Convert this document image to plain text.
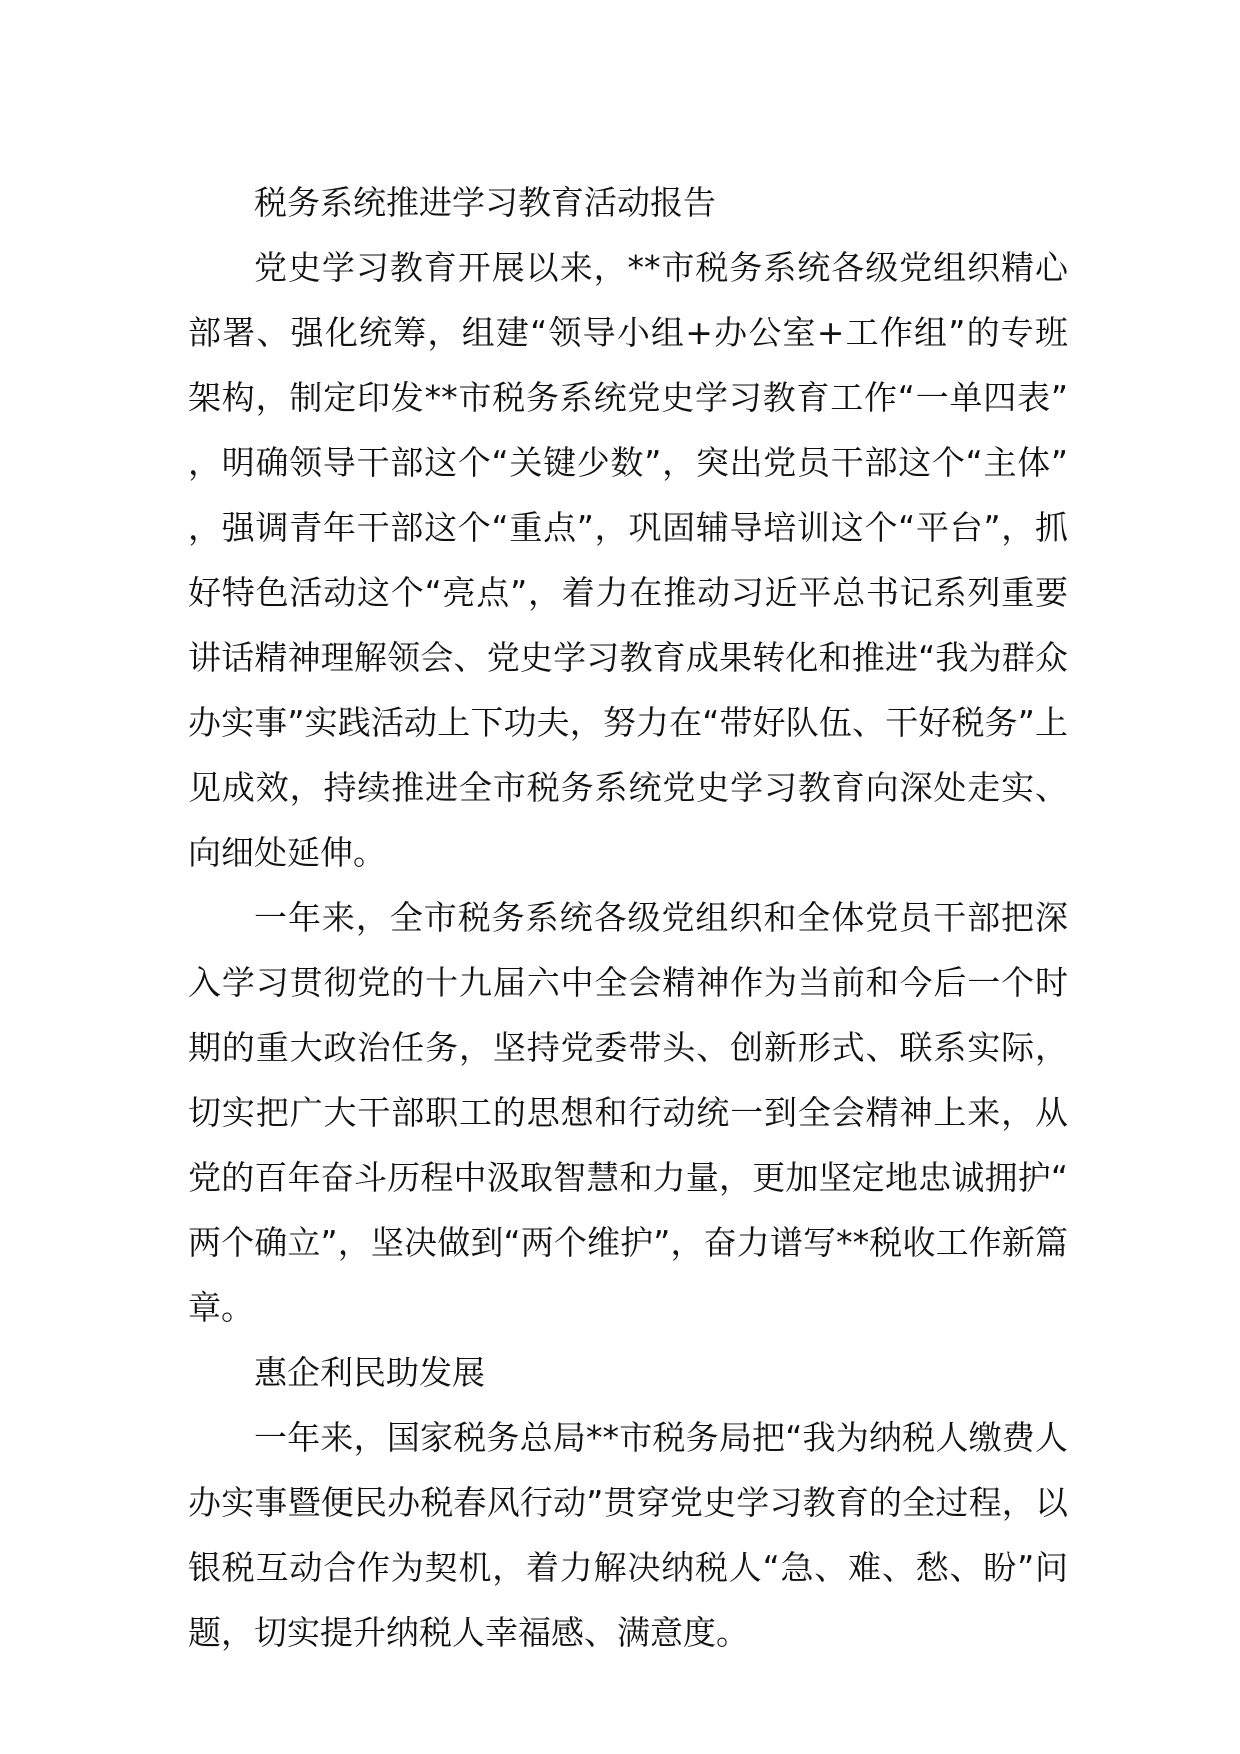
税务系统推进学习教育活动报告

党史学习教育开展以来，**市税务系统各级党组织精心部署、强化统筹，组建“领导小组+办公室+工作组”的专班架构，制定印发**市税务系统党史学习教育工作“一单四表”，明确领导干部这个“关键少数”，突出党员干部这个“主体”，强调青年干部这个“重点”，巩固辅导培训这个“平台”，抓好特色活动这个“亮点”，着力在推动习近平总书记系列重要讲话精神理解领会、党史学习教育成果转化和推进“我为群众办实事”实践活动上下功夫，努力在“带好队伍、干好税务”上见成效，持续推进全市税务系统党史学习教育向深处走实、向细处延伸。

一年来，全市税务系统各级党组织和全体党员干部把深入学习贯彻党的十九届六中全会精神作为当前和今后一个时期的重大政治任务，坚持党委带头、创新形式、联系实际，切实把广大干部职工的思想和行动统一到全会精神上来，从党的百年奋斗历程中汲取智慧和力量，更加坚定地忠诚拥护“两个确立”，坚决做到“两个维护”，奋力谱写**税收工作新篇章。

惠企利民助发展

一年来，国家税务总局**市税务局把“我为纳税人缴费人办实事暨便民办税春风行动”贯穿党史学习教育的全过程，以银税互动合作为契机，着力解决纳税人“急、难、愁、盼”问题，切实提升纳税人幸福感、满意度。
